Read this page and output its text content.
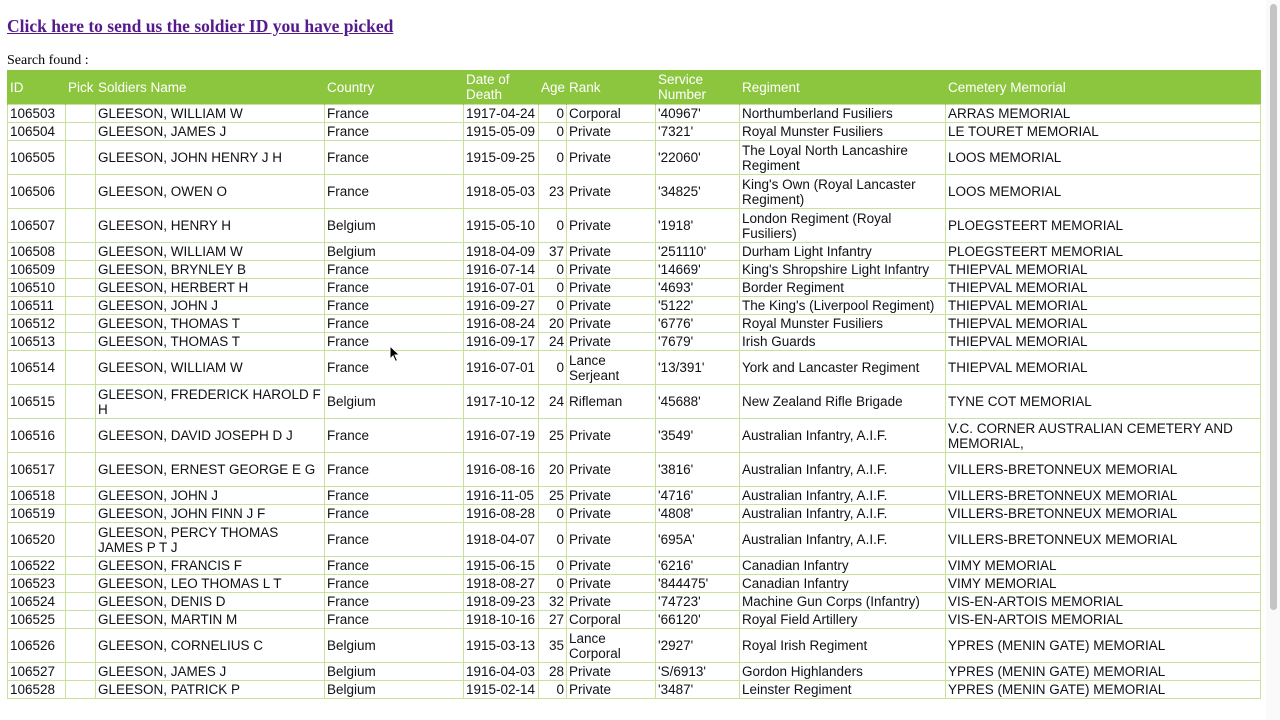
Click here to send us the soldier ID you have picked
Search found :
ID	Pick	Soldiers Name	Country	Date of Death	Age	Rank	Service Number	Regiment	Cemetery Memorial
106503		GLEESON, WILLIAM W	France	1917-04-24	0	Corporal	'40967'	Northumberland Fusiliers	ARRAS MEMORIAL
106504		GLEESON, JAMES J	France	1915-05-09	0	Private	'7321'	Royal Munster Fusiliers	LE TOURET MEMORIAL
106505		GLEESON, JOHN HENRY J H	France	1915-09-25	0	Private	'22060'	The Loyal North Lancashire Regiment	LOOS MEMORIAL
106506		GLEESON, OWEN O	France	1918-05-03	23	Private	'34825'	King's Own (Royal Lancaster Regiment)	LOOS MEMORIAL
106507		GLEESON, HENRY H	Belgium	1915-05-10	0	Private	'1918'	London Regiment (Royal Fusiliers)	PLOEGSTEERT MEMORIAL
106508		GLEESON, WILLIAM W	Belgium	1918-04-09	37	Private	'251110'	Durham Light Infantry	PLOEGSTEERT MEMORIAL
106509		GLEESON, BRYNLEY B	France	1916-07-14	0	Private	'14669'	King's Shropshire Light Infantry	THIEPVAL MEMORIAL
106510		GLEESON, HERBERT H	France	1916-07-01	0	Private	'4693'	Border Regiment	THIEPVAL MEMORIAL
106511		GLEESON, JOHN J	France	1916-09-27	0	Private	'5122'	The King's (Liverpool Regiment)	THIEPVAL MEMORIAL
106512		GLEESON, THOMAS T	France	1916-08-24	20	Private	'6776'	Royal Munster Fusiliers	THIEPVAL MEMORIAL
106513		GLEESON, THOMAS T	France	1916-09-17	24	Private	'7679'	Irish Guards	THIEPVAL MEMORIAL
106514		GLEESON, WILLIAM W	France	1916-07-01	0	Lance Serjeant	'13/391'	York and Lancaster Regiment	THIEPVAL MEMORIAL
106515		GLEESON, FREDERICK HAROLD F H	Belgium	1917-10-12	24	Rifleman	'45688'	New Zealand Rifle Brigade	TYNE COT MEMORIAL
106516		GLEESON, DAVID JOSEPH D J	France	1916-07-19	25	Private	'3549'	Australian Infantry, A.I.F.	V.C. CORNER AUSTRALIAN CEMETERY AND MEMORIAL,
106517		GLEESON, ERNEST GEORGE E G	France	1916-08-16	20	Private	'3816'	Australian Infantry, A.I.F.	VILLERS-BRETONNEUX MEMORIAL
106518		GLEESON, JOHN J	France	1916-11-05	25	Private	'4716'	Australian Infantry, A.I.F.	VILLERS-BRETONNEUX MEMORIAL
106519		GLEESON, JOHN FINN J F	France	1916-08-28	0	Private	'4808'	Australian Infantry, A.I.F.	VILLERS-BRETONNEUX MEMORIAL
106520		GLEESON, PERCY THOMAS JAMES P T J	France	1918-04-07	0	Private	'695A'	Australian Infantry, A.I.F.	VILLERS-BRETONNEUX MEMORIAL
106522		GLEESON, FRANCIS F	France	1915-06-15	0	Private	'6216'	Canadian Infantry	VIMY MEMORIAL
106523		GLEESON, LEO THOMAS L T	France	1918-08-27	0	Private	'844475'	Canadian Infantry	VIMY MEMORIAL
106524		GLEESON, DENIS D	France	1918-09-23	32	Private	'74723'	Machine Gun Corps (Infantry)	VIS-EN-ARTOIS MEMORIAL
106525		GLEESON, MARTIN M	France	1918-10-16	27	Corporal	'66120'	Royal Field Artillery	VIS-EN-ARTOIS MEMORIAL
106526		GLEESON, CORNELIUS C	Belgium	1915-03-13	35	Lance Corporal	'2927'	Royal Irish Regiment	YPRES (MENIN GATE) MEMORIAL
106527		GLEESON, JAMES J	Belgium	1916-04-03	28	Private	'S/6913'	Gordon Highlanders	YPRES (MENIN GATE) MEMORIAL
106528		GLEESON, PATRICK P	Belgium	1915-02-14	0	Private	'3487'	Leinster Regiment	YPRES (MENIN GATE) MEMORIAL
